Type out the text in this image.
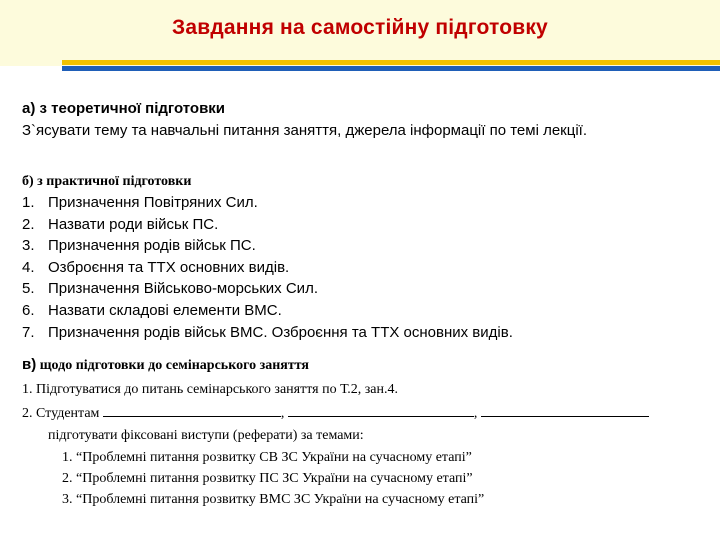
Завдання на самостійну підготовку
а) з теоретичної підготовки
З`ясувати тему та навчальні питання заняття, джерела інформації по темі лекції.
б) з практичної підготовки
1. Призначення Повітряних Сил.
2. Назвати роди військ ПС.
3. Призначення родів військ ПС.
4. Озброєння та ТТХ основних видів.
5. Призначення Військово-морських Сил.
6. Назвати складові елементи ВМС.
7. Призначення родів військ ВМС. Озброєння та ТТХ основних видів.
в) щодо підготовки до семінарського заняття
1. Підготуватися до питань семінарського заняття по Т.2, зан.4.
2. Студентам	,	,
підготувати фіксовані виступи (реферати) за темами:
1. “Проблемні питання розвитку СВ ЗС України на сучасному етапі”
2. “Проблемні питання розвитку ПС ЗС України на сучасному етапі”
3. “Проблемні питання розвитку ВМС ЗС України на сучасному етапі”
